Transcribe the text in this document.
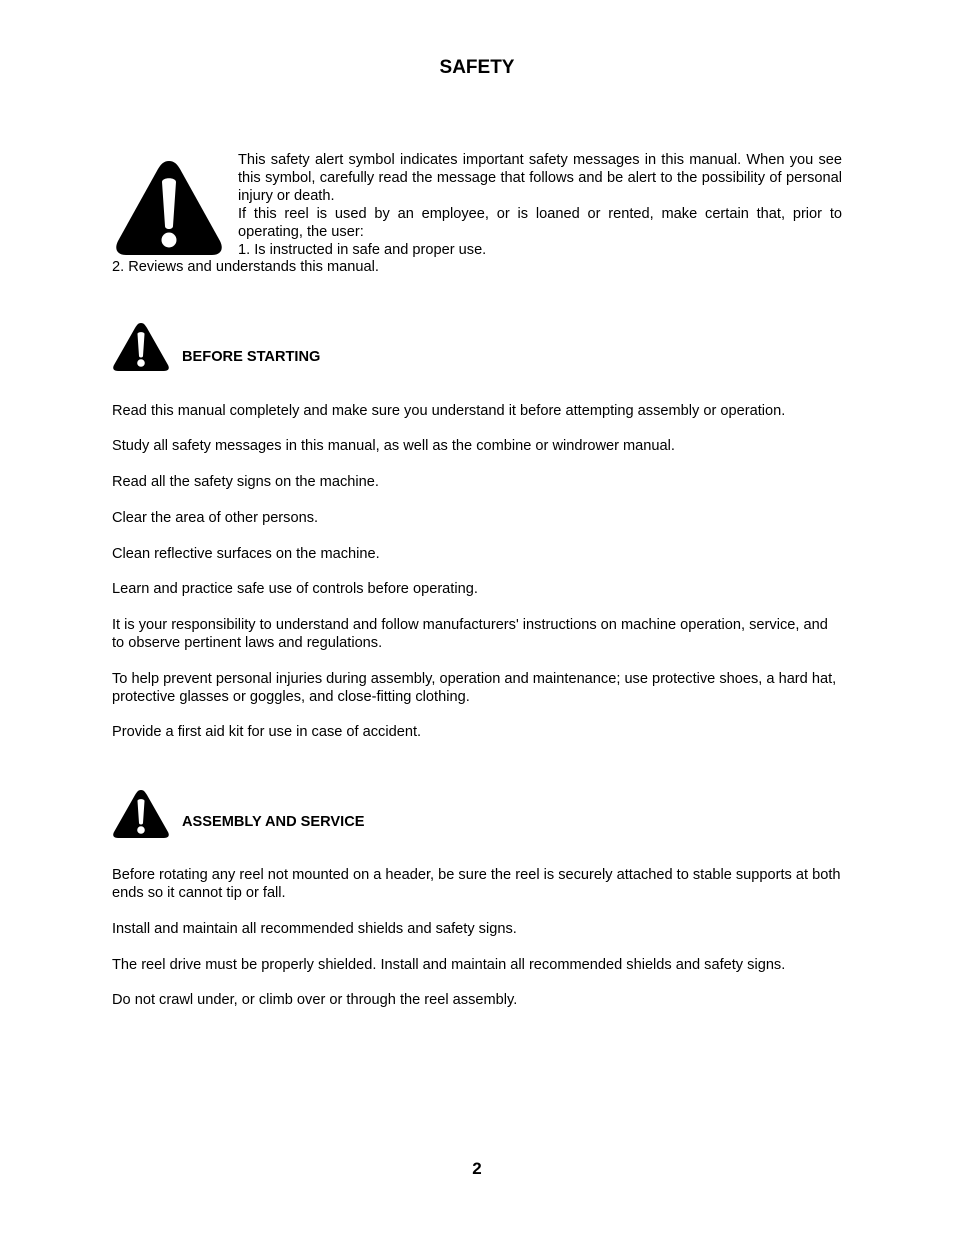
SAFETY

This safety alert symbol indicates important safety messages in this manual. When you see this symbol, carefully read the message that follows and be alert to the possibility of personal injury or death.

If this reel is used by an employee, or is loaned or rented, make certain that, prior to operating, the user:

1. Is instructed in safe and proper use.

2. Reviews and understands this manual.
BEFORE STARTING
Read this manual completely and make sure you understand it before attempting assembly or operation.
Study all safety messages in this manual, as well as the combine or windrower manual.
Read all the safety signs on the machine.
Clear the area of other persons.
Clean reflective surfaces on the machine.
Learn and practice safe use of controls before operating.
It is your responsibility to understand and follow manufacturers' instructions on machine operation, service, and to observe pertinent laws and regulations.
To help prevent personal injuries during assembly, operation and maintenance; use protective shoes, a hard hat, protective glasses or goggles, and close-fitting clothing.
Provide a first aid kit for use in case of accident.
ASSEMBLY AND SERVICE
Before rotating any reel not mounted on a header, be sure the reel is securely attached to stable supports at both ends so it cannot tip or fall.
Install and maintain all recommended shields and safety signs.
The reel drive must be properly shielded. Install and maintain all recommended shields and safety signs.
Do not crawl under, or climb over or through the reel assembly.
2
